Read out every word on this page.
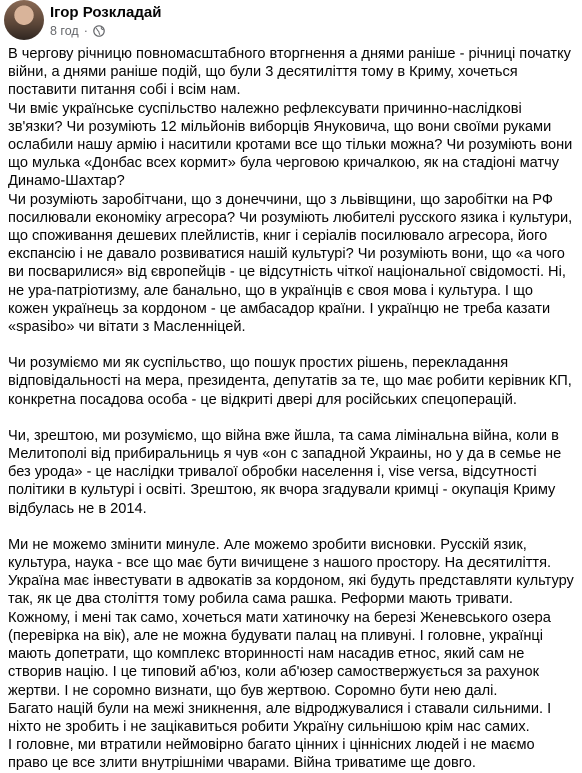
Ігор Розкладай
8 год ·

В чергову річницю повномасштабного вторгнення а днями раніше - річниці початку війни, а днями раніше подій, що були 3 десятиліття тому в Криму, хочеться поставити питання собі і всім нам.

Чи вміє українське суспільство належно рефлексувати причинно-наслідкові зв'язки? Чи розуміють 12 мільйонів виборців Януковича, що вони своїми руками ослабили нашу армію і наситили кротами все що тільки можна? Чи розуміють вони що мулька «Донбас всех кормит» була черговою кричалкою, як на стадіоні матчу Динамо-Шахтар?

Чи розуміють заробітчани, що з донеччини, що з львівщини, що заробітки на РФ посилювали економіку агресора? Чи розуміють любителі русского язика і культури, що споживання дешевих плейлистів, книг і серіалів посилювало агресора, його експансію і не давало розвиватися нашій культурі? Чи розуміють вони, що «а чого ви посварилися» від європейців - це відсутність чіткої національної свідомості. Ні, не ура-патріотизму, але банально, що в українців є своя мова і культура. І що кожен українець за кордоном - це амбасадор країни. І українцю не треба казати «spasibo» чи вітати з Масленніцей.

Чи розуміємо ми як суспільство, що пошук простих рішень, перекладання відповідальності на мера, президента, депутатів за те, що має робити керівник КП, конкретна посадова особа - це відкриті двері для російських спецоперацій.

Чи, зрештою, ми розуміємо, що війна вже йшла, та сама лімінальна війна, коли в Мелитополі від прибиральниць я чув «он с западной Украины, но у да в семье не без урода» - це наслідки тривалої обробки населення і, vise versa, відсутності політики в культурі і освіті. Зрештою, як вчора згадували кримці - окупація Криму відбулась не в 2014.

Ми не можемо змінити минуле. Але можемо зробити висновки. Русскій язик, культура, наука - все що має бути вичищене з нашого простору. На десятиліття. Україна має інвестувати в адвокатів за кордоном, які будуть представляти культуру так, як це два століття тому робила сама рашка. Реформи мають тривати. Кожному, і мені так само, хочеться мати хатиночку на березі Женевського озера (перевірка на вік), але не можна будувати палац на пливуні. І головне, українці мають допетрати, що комплекс вторинності нам насадив етнос, який сам не створив націю. І це типовий аб'юз, коли аб'юзер самоствержується за рахунок жертви. І не соромно визнати, що був жертвою. Соромно бути нею далі.

Багато націй були на межі зникнення, але відроджувалися і ставали сильними. І ніхто не зробить і не зацікавиться робити Україну сильнішою крім нас самих.

І головне, ми втратили неймовірно багато цінних і ціннісних людей і не маємо право це все злити внутрішніми чварами. Війна триватиме ще довго.
